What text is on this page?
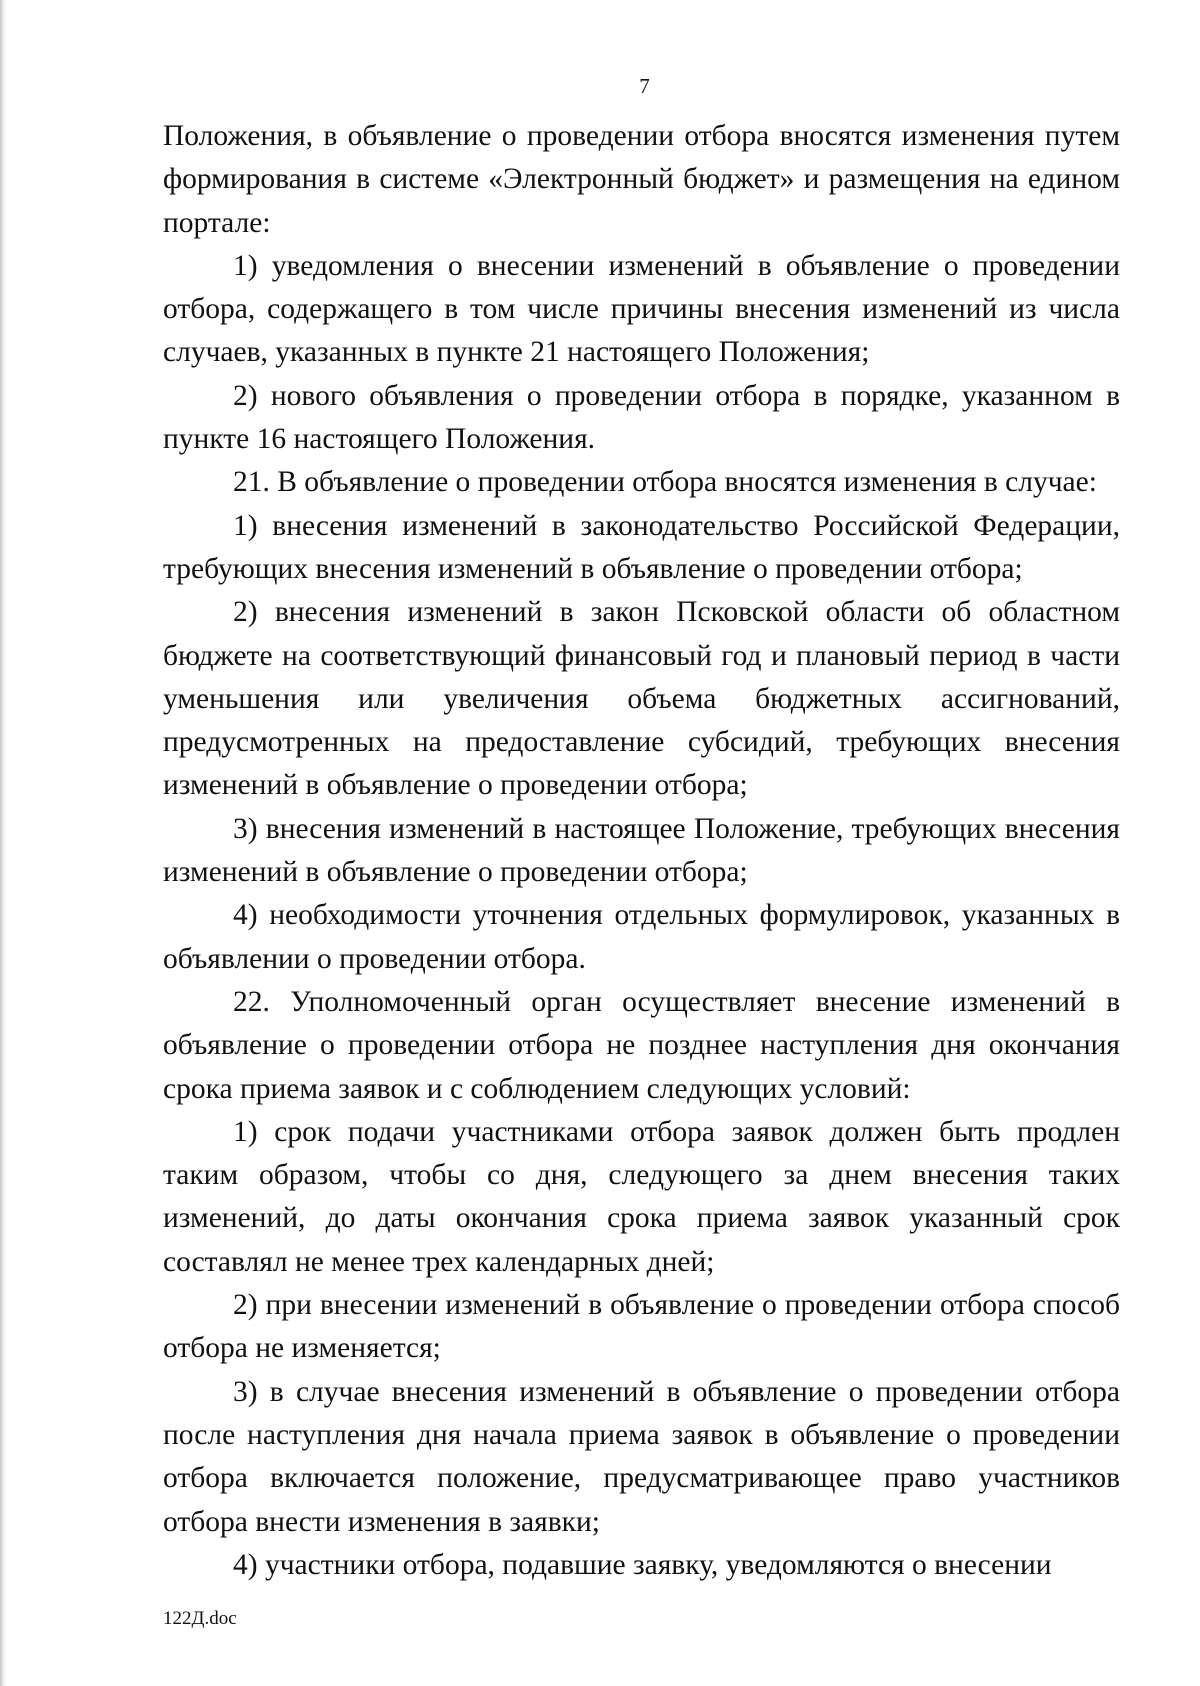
7

Положения, в объявление о проведении отбора вносятся изменения путем формирования в системе «Электронный бюджет» и размещения на едином портале:

1) уведомления о внесении изменений в объявление о проведении отбора, содержащего в том числе причины внесения изменений из числа случаев, указанных в пункте 21 настоящего Положения;

2) нового объявления о проведении отбора в порядке, указанном в пункте 16 настоящего Положения.

21. В объявление о проведении отбора вносятся изменения в случае:

1) внесения изменений в законодательство Российской Федерации, требующих внесения изменений в объявление о проведении отбора;

2) внесения изменений в закон Псковской области об областном бюджете на соответствующий финансовый год и плановый период в части уменьшения или увеличения объема бюджетных ассигнований, предусмотренных на предоставление субсидий, требующих внесения изменений в объявление о проведении отбора;

3) внесения изменений в настоящее Положение, требующих внесения изменений в объявление о проведении отбора;

4) необходимости уточнения отдельных формулировок, указанных в объявлении о проведении отбора.

22. Уполномоченный орган осуществляет внесение изменений в объявление о проведении отбора не позднее наступления дня окончания срока приема заявок и с соблюдением следующих условий:

1) срок подачи участниками отбора заявок должен быть продлен таким образом, чтобы со дня, следующего за днем внесения таких изменений, до даты окончания срока приема заявок указанный срок составлял не менее трех календарных дней;

2) при внесении изменений в объявление о проведении отбора способ отбора не изменяется;

3) в случае внесения изменений в объявление о проведении отбора после наступления дня начала приема заявок в объявление о проведении отбора включается положение, предусматривающее право участников отбора внести изменения в заявки;

4) участники отбора, подавшие заявку, уведомляются о внесении

122Д.doc
